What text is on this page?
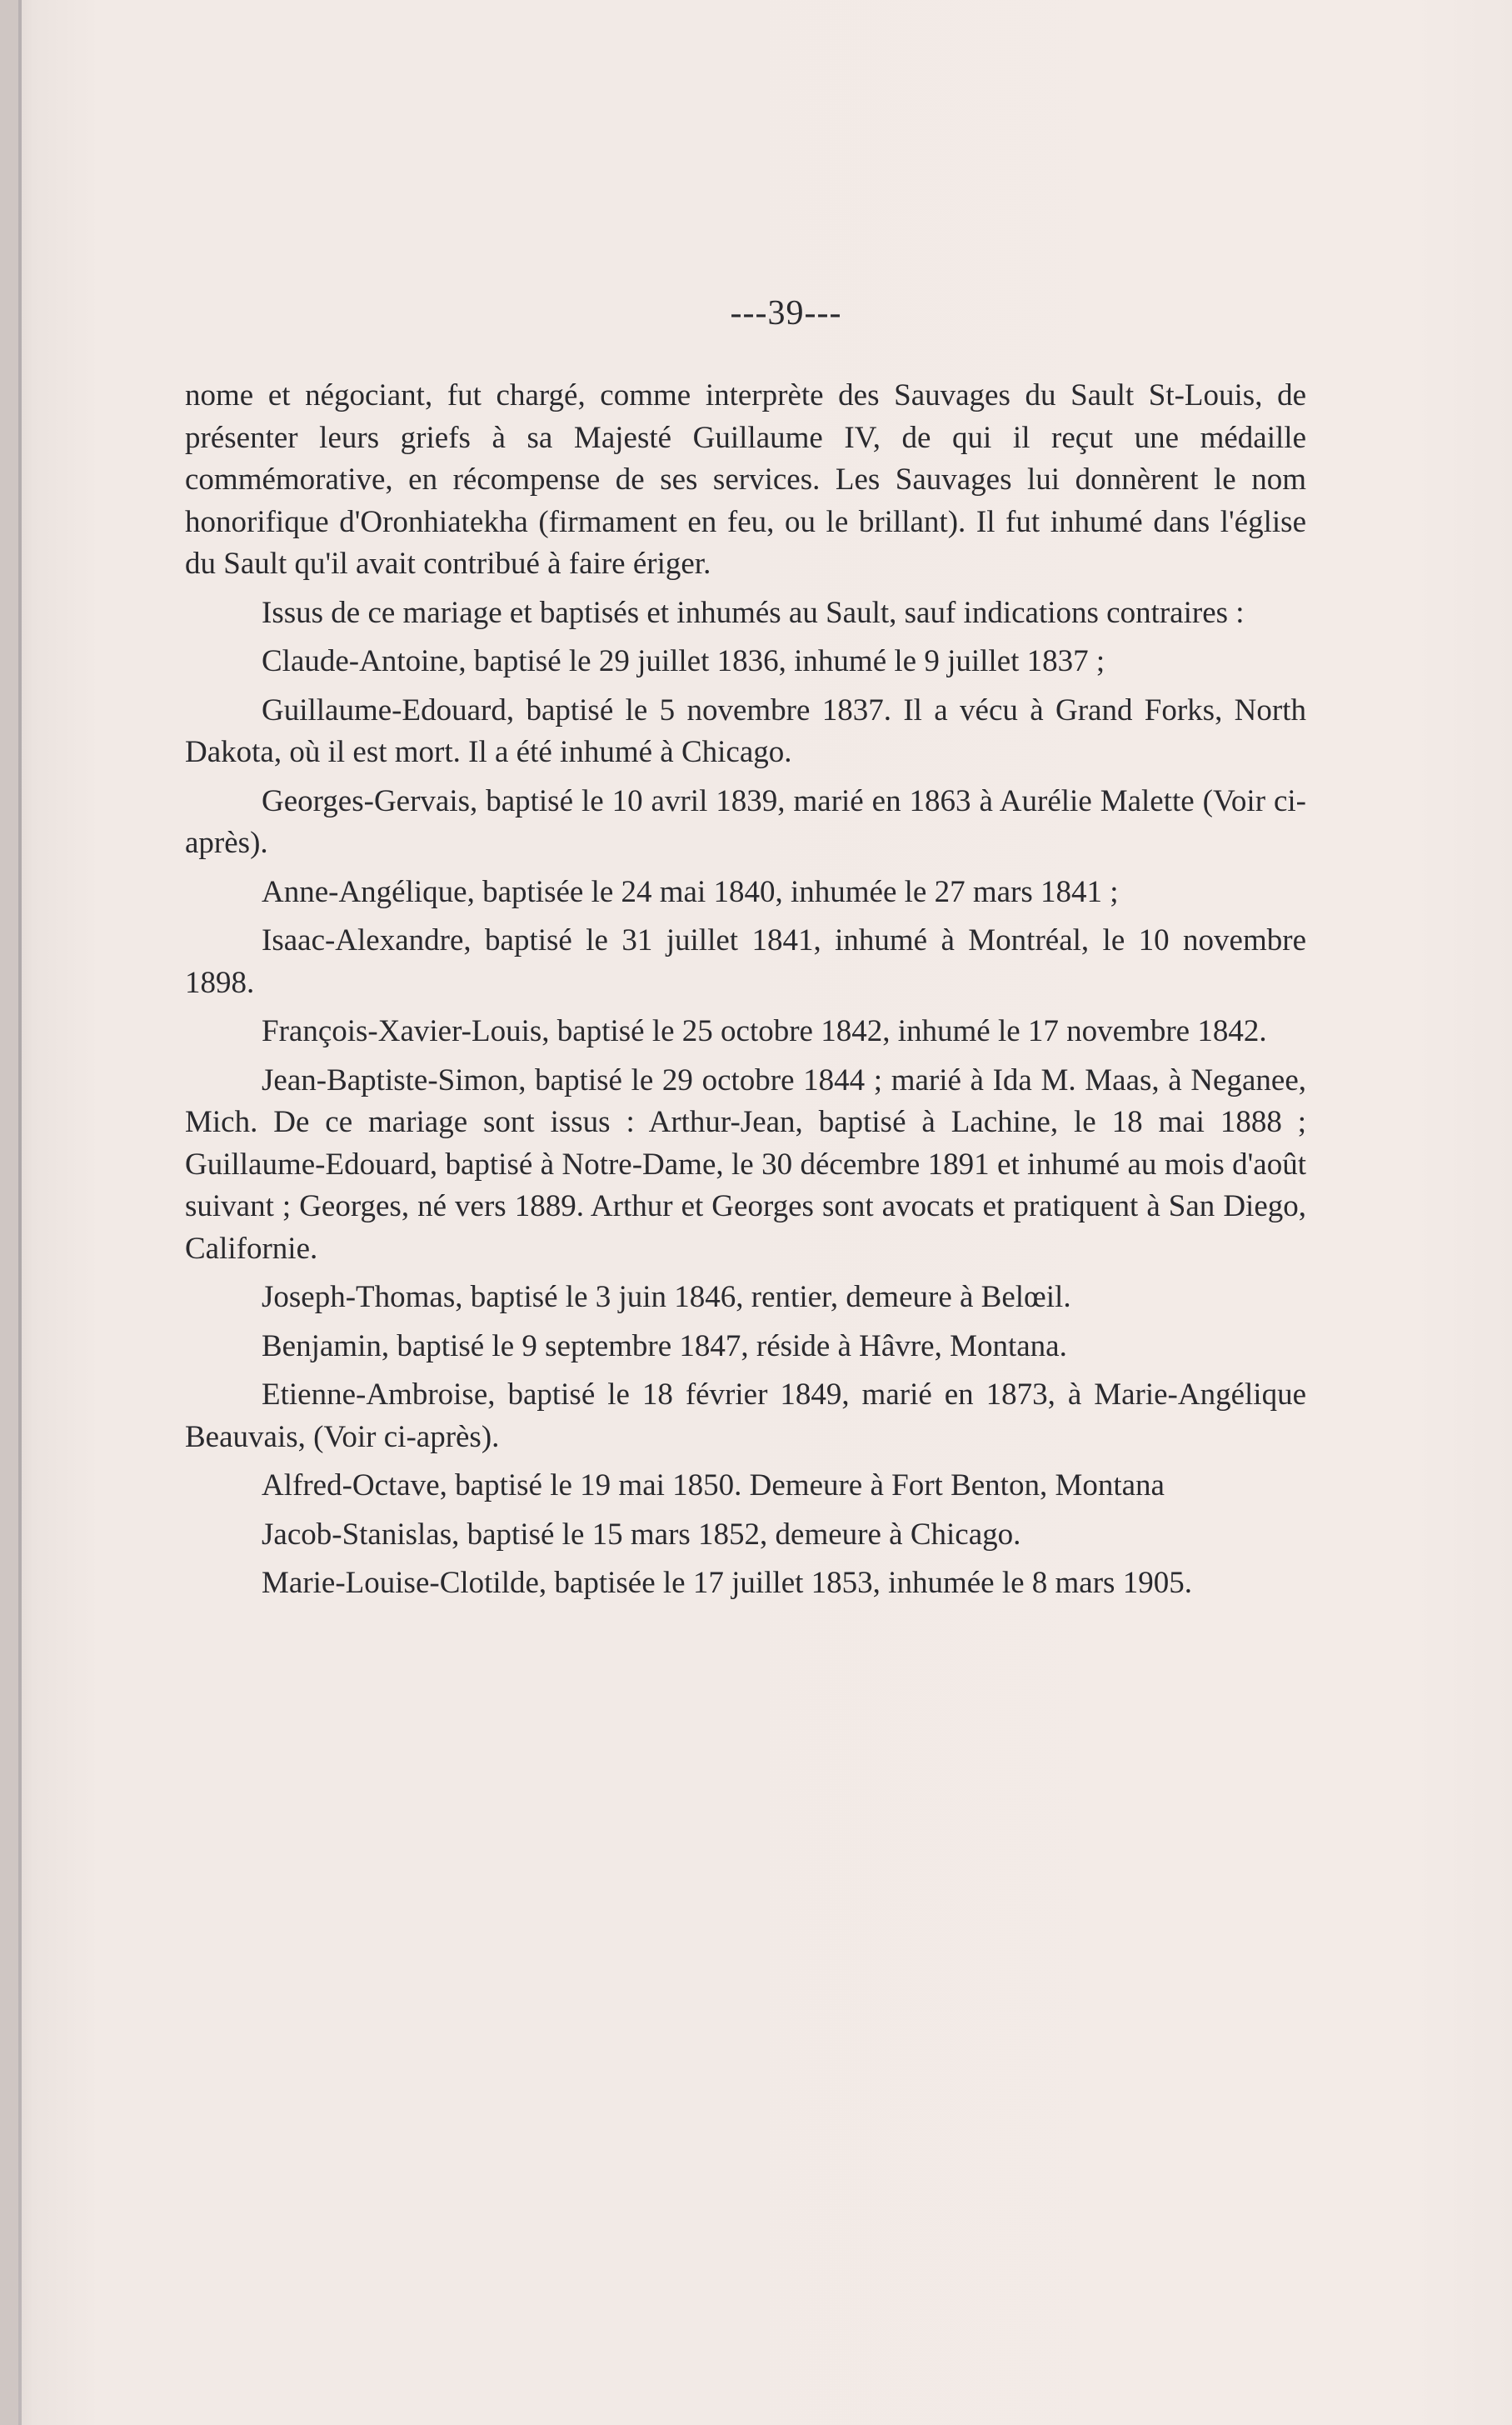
---39---

nome et négociant, fut chargé, comme interprète des Sauvages du Sault St-Louis, de présenter leurs griefs à sa Majesté Guillaume IV, de qui il reçut une médaille commémorative, en récompense de ses services. Les Sauvages lui donnèrent le nom honorifique d'Oronhiatekha (firmament en feu, ou le brillant). Il fut inhumé dans l'église du Sault qu'il avait contribué à faire ériger.

Issus de ce mariage et baptisés et inhumés au Sault, sauf indications contraires :

Claude-Antoine, baptisé le 29 juillet 1836, inhumé le 9 juillet 1837 ;

Guillaume-Edouard, baptisé le 5 novembre 1837. Il a vécu à Grand Forks, North Dakota, où il est mort. Il a été inhumé à Chicago.

Georges-Gervais, baptisé le 10 avril 1839, marié en 1863 à Aurélie Malette (Voir ci-après).

Anne-Angélique, baptisée le 24 mai 1840, inhumée le 27 mars 1841 ;

Isaac-Alexandre, baptisé le 31 juillet 1841, inhumé à Montréal, le 10 novembre 1898.

François-Xavier-Louis, baptisé le 25 octobre 1842, inhumé le 17 novembre 1842.

Jean-Baptiste-Simon, baptisé le 29 octobre 1844 ; marié à Ida M. Maas, à Neganee, Mich. De ce mariage sont issus : Arthur-Jean, baptisé à Lachine, le 18 mai 1888 ; Guillaume-Edouard, baptisé à Notre-Dame, le 30 décembre 1891 et inhumé au mois d'août suivant ; Georges, né vers 1889. Arthur et Georges sont avocats et pratiquent à San Diego, Californie.

Joseph-Thomas, baptisé le 3 juin 1846, rentier, demeure à Belœil.

Benjamin, baptisé le 9 septembre 1847, réside à Hâvre, Montana.

Etienne-Ambroise, baptisé le 18 février 1849, marié en 1873, à Marie-Angélique Beauvais, (Voir ci-après).

Alfred-Octave, baptisé le 19 mai 1850. Demeure à Fort Benton, Montana

Jacob-Stanislas, baptisé le 15 mars 1852, demeure à Chicago.

Marie-Louise-Clotilde, baptisée le 17 juillet 1853, inhumée le 8 mars 1905.
